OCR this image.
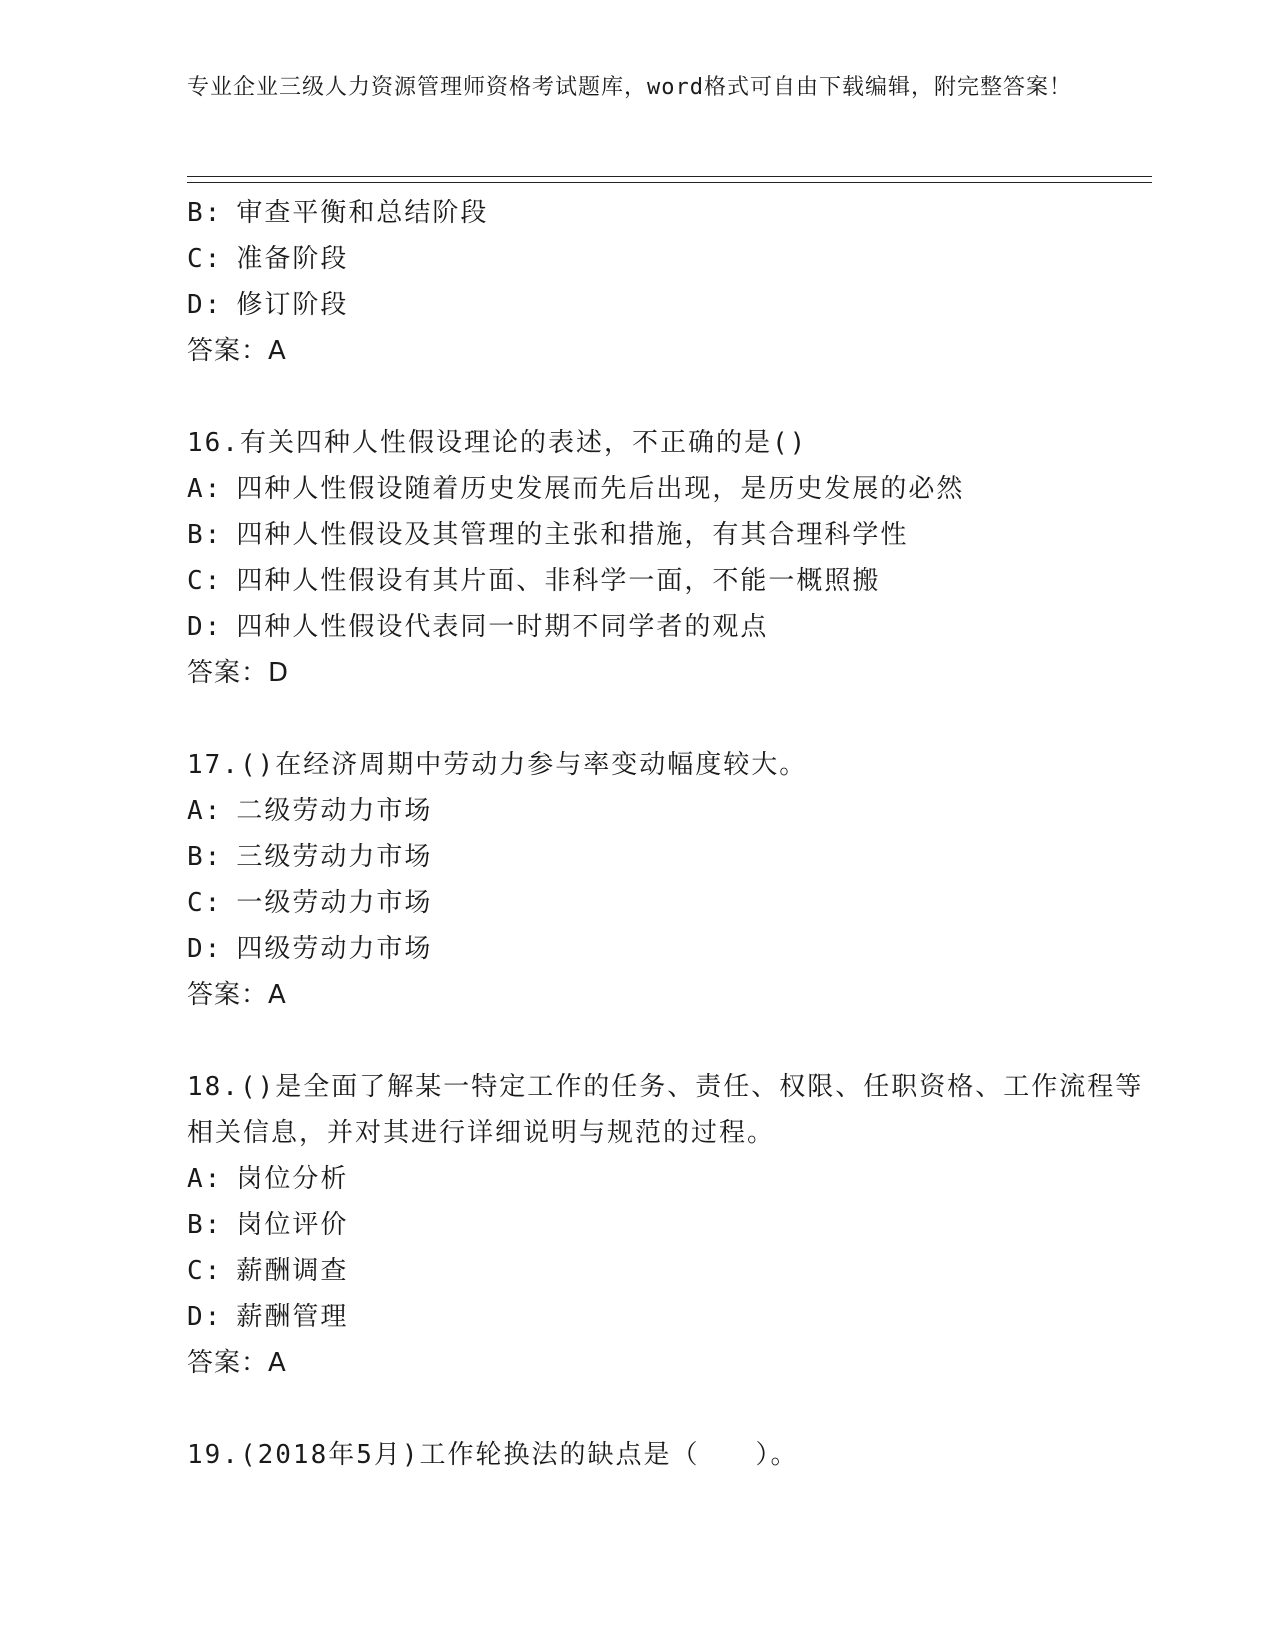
专业企业三级人力资源管理师资格考试题库，word格式可自由下载编辑，附完整答案！
B: 审查平衡和总结阶段
C: 准备阶段
D: 修订阶段
答案：A
16.有关四种人性假设理论的表述，不正确的是()
A: 四种人性假设随着历史发展而先后出现，是历史发展的必然
B: 四种人性假设及其管理的主张和措施，有其合理科学性
C: 四种人性假设有其片面、非科学一面，不能一概照搬
D: 四种人性假设代表同一时期不同学者的观点
答案：D
17.()在经济周期中劳动力参与率变动幅度较大。
A: 二级劳动力市场
B: 三级劳动力市场
C: 一级劳动力市场
D: 四级劳动力市场
答案：A
18.()是全面了解某一特定工作的任务、责任、权限、任职资格、工作流程等相关信息，并对其进行详细说明与规范的过程。
A: 岗位分析
B: 岗位评价
C: 薪酬调查
D: 薪酬管理
答案：A
19.(2018年5月)工作轮换法的缺点是（　　）。
